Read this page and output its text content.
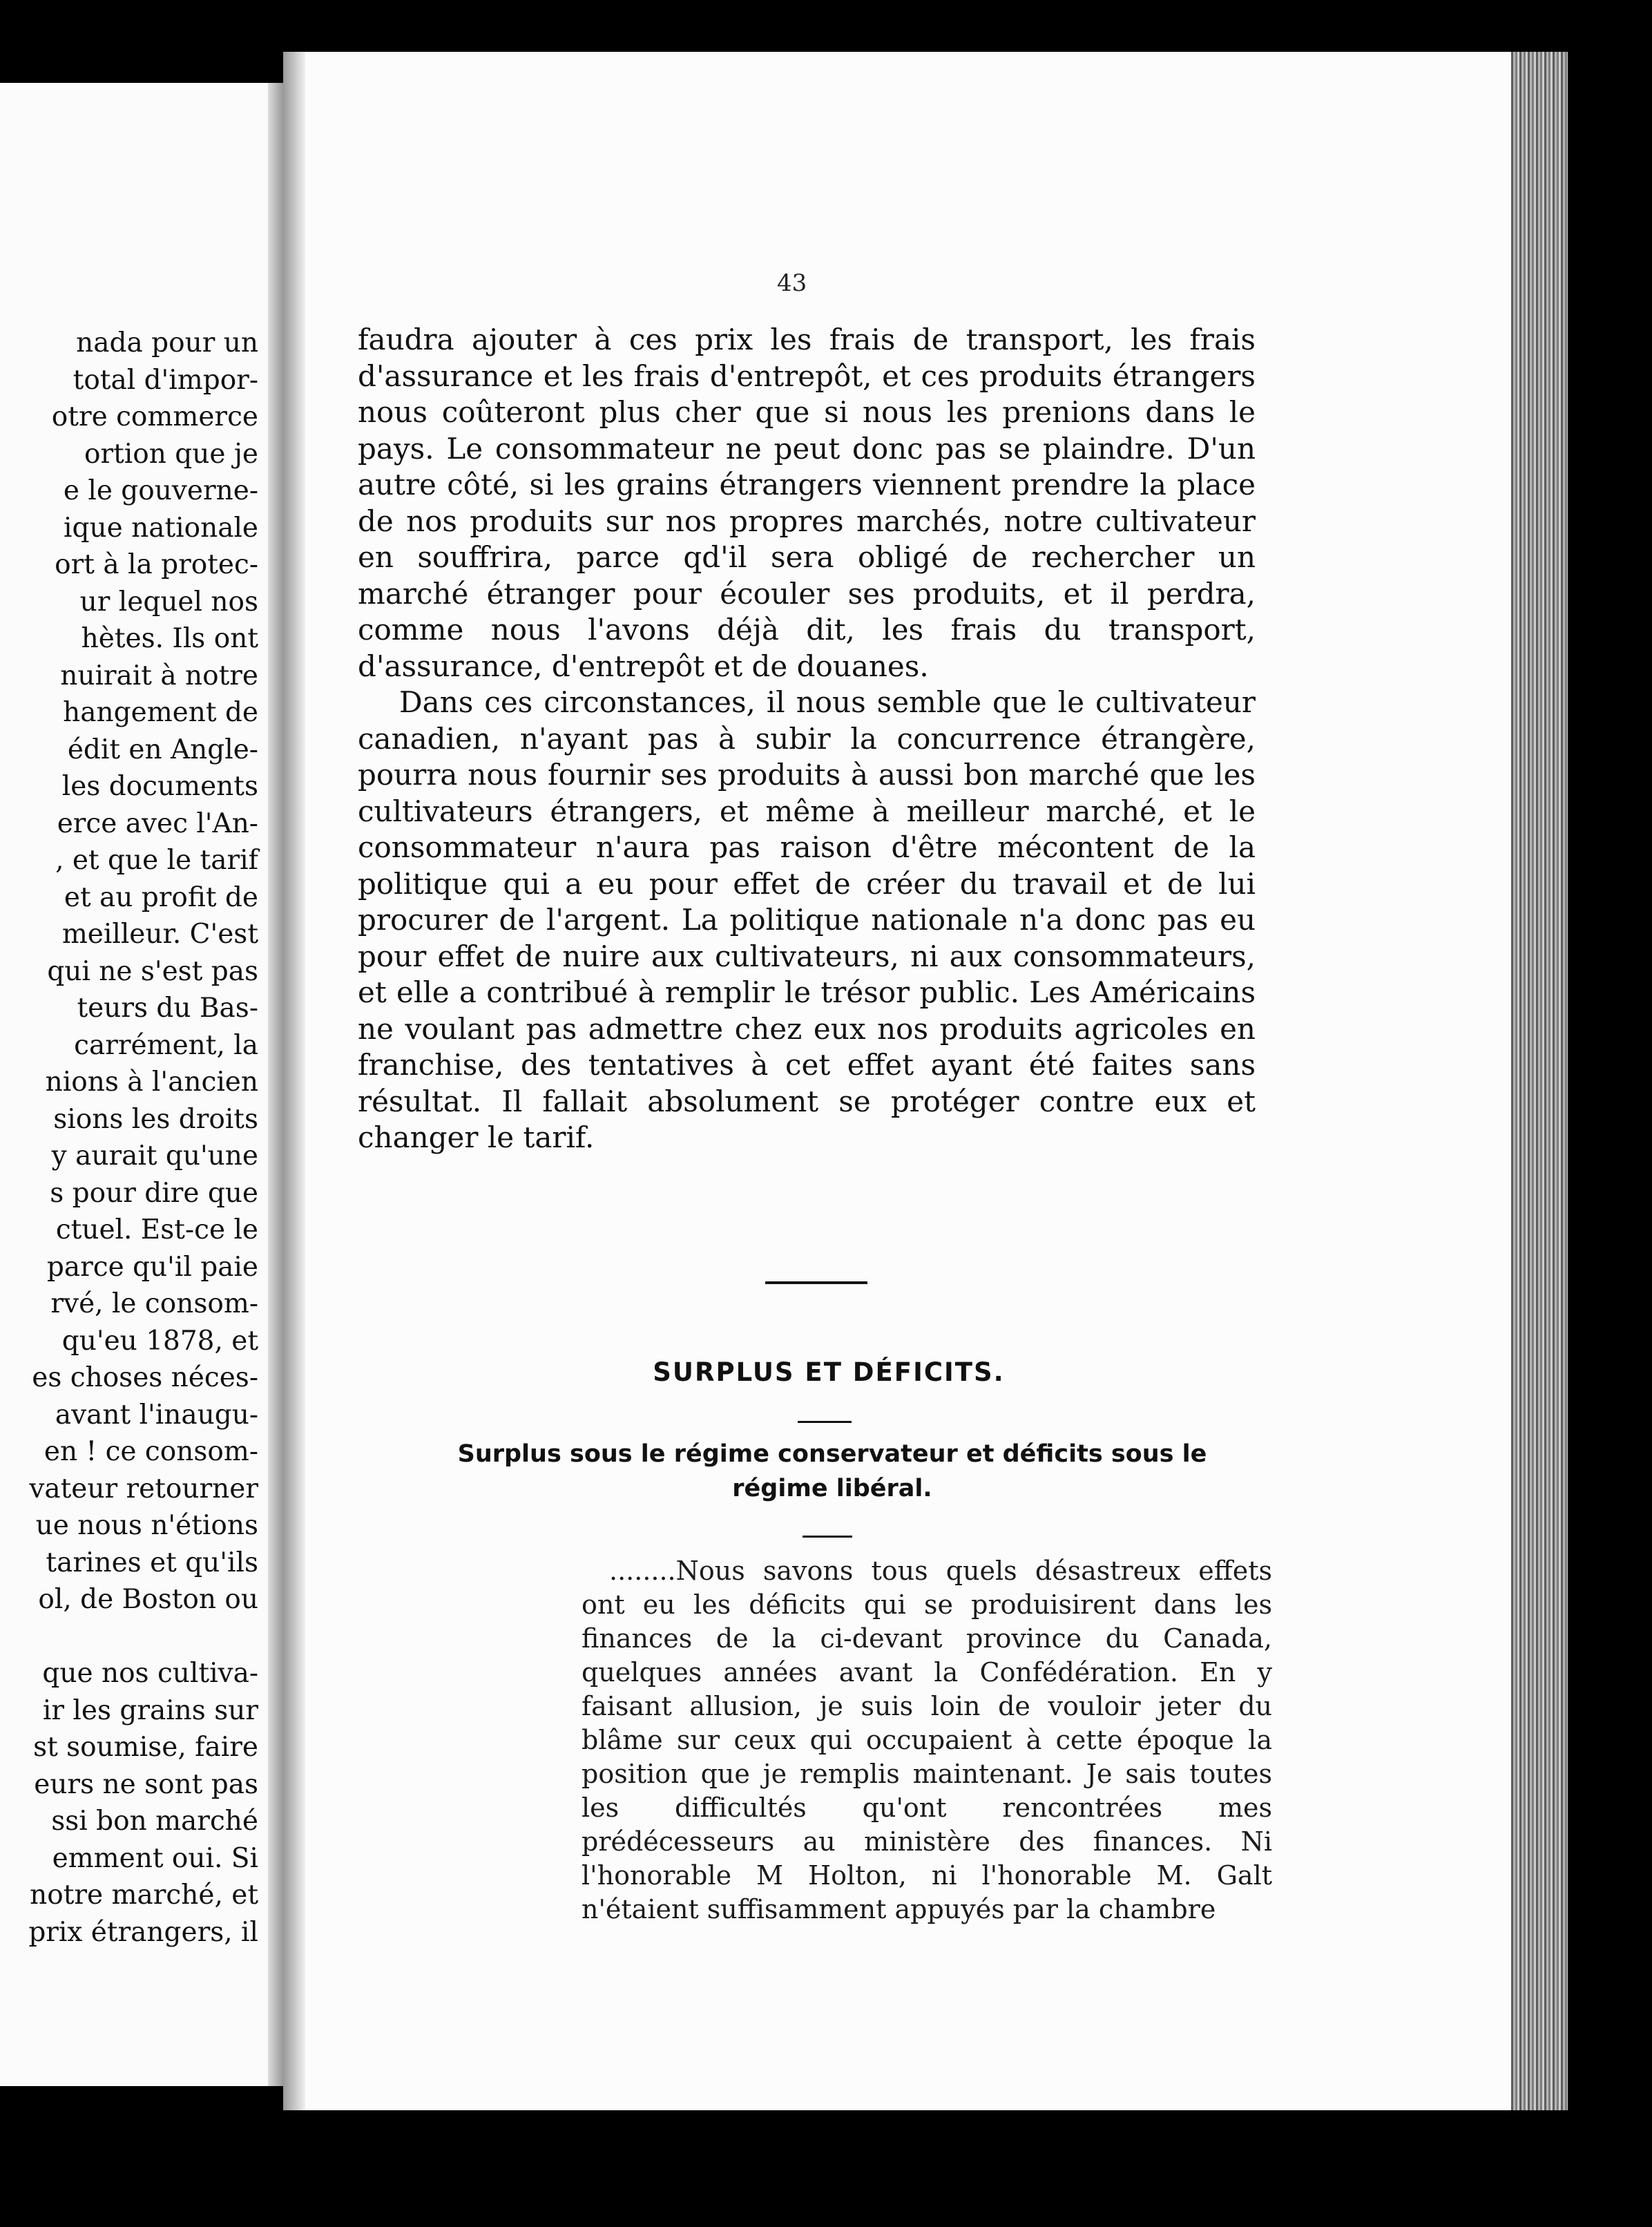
nada pour un
total d'impor-
otre commerce
ortion que je
e le gouverne-
ique nationale
ort à la protec-
ur lequel nos
hètes. Ils ont
nuirait à notre
hangement de
édit en Angle-
les documents
erce avec l'An-
, et que le tarif
et au profit de
meilleur. C'est
qui ne s'est pas
teurs du Bas-
carrément, la
nions à l'ancien
sions les droits
y aurait qu'une
s pour dire que
ctuel. Est-ce le
parce qu'il paie
rvé, le consom-
qu'eu 1878, et
es choses néces-
avant l'inaugu-
en ! ce consom-
vateur retourner
ue nous n'étions
tarines et qu'ils
ol, de Boston ou
que nos cultiva-
ir les grains sur
st soumise, faire
eurs ne sont pas
ssi bon marché
emment oui. Si
notre marché, et
prix étrangers, il
43

faudra ajouter à ces prix les frais de transport, les frais d'assurance et les frais d'entrepôt, et ces produits étrangers nous coûteront plus cher que si nous les prenions dans le pays. Le consommateur ne peut donc pas se plaindre. D'un autre côté, si les grains étrangers viennent prendre la place de nos produits sur nos propres marchés, notre cultivateur en souffrira, parce qd'il sera obligé de rechercher un marché étranger pour écouler ses produits, et il perdra, comme nous l'avons déjà dit, les frais du transport, d'assurance, d'entrepôt et de douanes.

Dans ces circonstances, il nous semble que le cultivateur canadien, n'ayant pas à subir la concurrence étrangère, pourra nous fournir ses produits à aussi bon marché que les cultivateurs étrangers, et même à meilleur marché, et le consommateur n'aura pas raison d'être mécontent de la politique qui a eu pour effet de créer du travail et de lui procurer de l'argent. La politique nationale n'a donc pas eu pour effet de nuire aux cultivateurs, ni aux consommateurs, et elle a contribué à remplir le trésor public. Les Américains ne voulant pas admettre chez eux nos produits agricoles en franchise, des tentatives à cet effet ayant été faites sans résultat. Il fallait absolument se protéger contre eux et changer le tarif.

SURPLUS ET DÉFICITS.
Surplus sous le régime conservateur et déficits sous le régime libéral.

........Nous savons tous quels désastreux effets ont eu les déficits qui se produisirent dans les finances de la ci-devant province du Canada, quelques années avant la Confédération. En y faisant allusion, je suis loin de vouloir jeter du blâme sur ceux qui occupaient à cette époque la position que je remplis maintenant. Je sais toutes les difficultés qu'ont rencontrées mes prédécesseurs au ministère des finances. Ni l'honorable M Holton, ni l'honorable M. Galt n'étaient suffisamment appuyés par la chambre
